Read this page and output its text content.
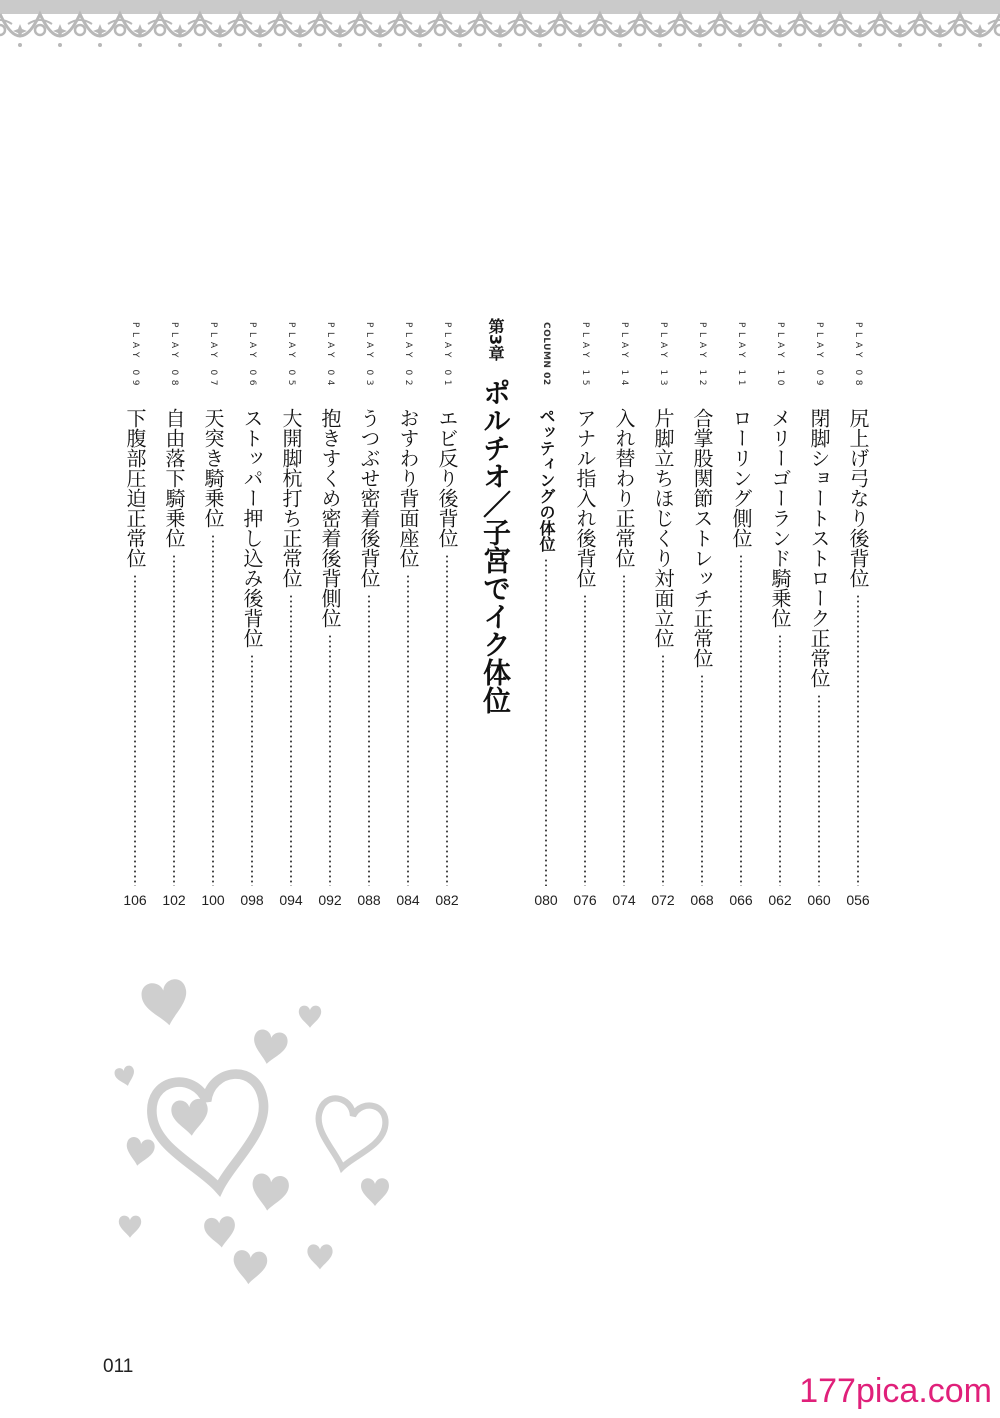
PLAY 08
尻上げ弓なり後背位
056
PLAY 09
閉脚ショートストローク正常位
060
PLAY 10
メリーゴーランド騎乗位
062
PLAY 11
ローリング側位
066
PLAY 12
合掌股関節ストレッチ正常位
068
PLAY 13
片脚立ちほじくり対面立位
072
PLAY 14
入れ替わり正常位
074
PLAY 15
アナル指入れ後背位
076
COLUMN 02
ペッティングの体位
080
第3章
ポルチオ／子宮でイク体位
PLAY 01
エビ反り後背位
082
PLAY 02
おすわり背面座位
084
PLAY 03
うつぶせ密着後背位
088
PLAY 04
抱きすくめ密着後背側位
092
PLAY 05
大開脚杭打ち正常位
094
PLAY 06
ストッパー押し込み後背位
098
PLAY 07
天突き騎乗位
100
PLAY 08
自由落下騎乗位
102
PLAY 09
下腹部圧迫正常位
106
011
177pica.com
